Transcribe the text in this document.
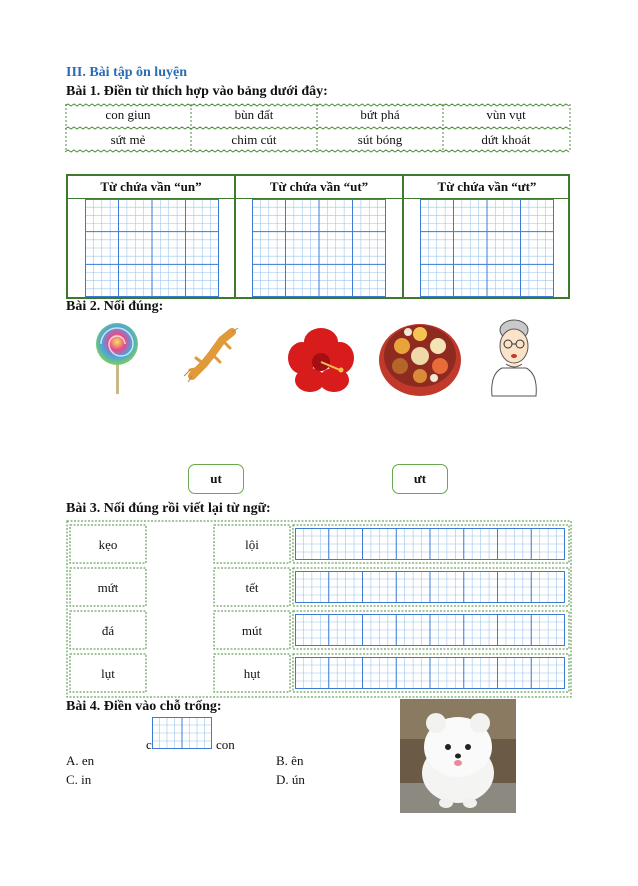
III. Bài tập ôn luyện
Bài 1. Điền từ thích hợp vào bảng dưới đây:
con giun	bùn đất	bứt phá	vùn vụt
sứt mẻ	chim cút	sút bóng	dứt khoát
Từ chứa vần “un”	Từ chứa vần “ut”	Từ chứa vần “ưt”
Bài 2. Nối đúng:
ut	ưt
Bài 3. Nối đúng rồi viết lại từ ngữ:
kẹo
mứt
đá
lụt
lội
tết
mút
hụt
Bài 4. Điền vào chỗ trống:
c	con
A. en	B. ên
C. in	D. ún
